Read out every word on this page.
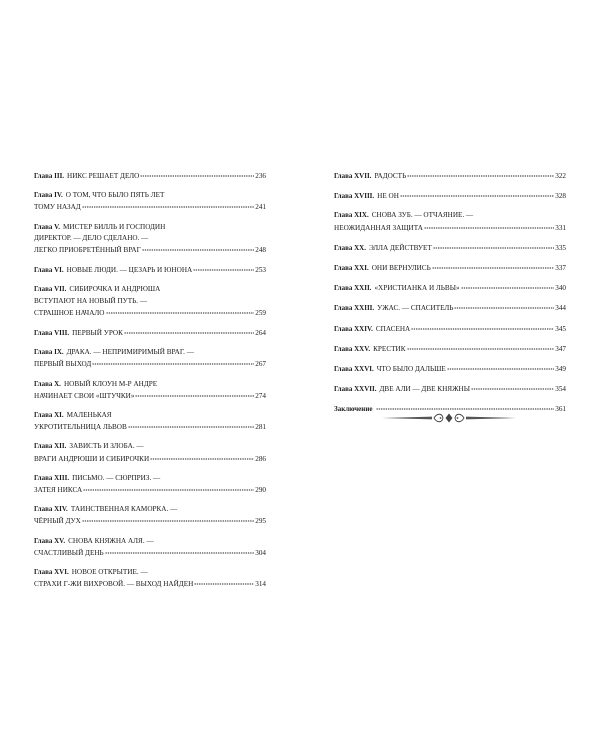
Глава III. НИКС РЕШАЕТ ДЕЛО	236
Глава IV. О ТОМ, ЧТО БЫЛО ПЯТЬ ЛЕТ
ТОМУ НАЗАД	241
Глава V. МИСТЕР БИЛЛЬ И ГОСПОДИН
ДИРЕКТОР. — ДЕЛО СДЕЛАНО. —
ЛЕГКО ПРИОБРЕТЁННЫЙ ВРАГ	248
Глава VI. НОВЫЕ ЛЮДИ. — ЦЕЗАРЬ И ЮНОНА	253
Глава VII. СИБИРОЧКА И АНДРЮША
ВСТУПАЮТ НА НОВЫЙ ПУТЬ. —
СТРАШНОЕ НАЧАЛО	259
Глава VIII. ПЕРВЫЙ УРОК	264
Глава IX. ДРАКА. — НЕПРИМИРИМЫЙ ВРАГ. —
ПЕРВЫЙ ВЫХОД	267
Глава X. НОВЫЙ КЛОУН М-Р АНДРЕ
НАЧИНАЕТ СВОИ «ШТУЧКИ»	274
Глава XI. МАЛЕНЬКАЯ
УКРОТИТЕЛЬНИЦА ЛЬВОВ	281
Глава XII. ЗАВИСТЬ И ЗЛОБА. —
ВРАГИ АНДРЮШИ И СИБИРОЧКИ	286
Глава XIII. ПИСЬМО. — СЮРПРИЗ. —
ЗАТЕЯ НИКСА	290
Глава XIV. ТАИНСТВЕННАЯ КАМОРКА. —
ЧЁРНЫЙ ДУХ	295
Глава XV. СНОВА КНЯЖНА АЛЯ. —
СЧАСТЛИВЫЙ ДЕНЬ	304
Глава XVI. НОВОЕ ОТКРЫТИЕ. —
СТРАХИ Г-ЖИ ВИХРОВОЙ. — ВЫХОД НАЙДЕН	314
Глава XVII. РАДОСТЬ	322
Глава XVIII. НЕ ОН	328
Глава XIX. СНОВА ЗУБ. — ОТЧАЯНИЕ. —
НЕОЖИДАННАЯ ЗАЩИТА	331
Глава XX. ЭЛЛА ДЕЙСТВУЕТ	335
Глава XXI. ОНИ ВЕРНУЛИСЬ	337
Глава XXII. «ХРИСТИАНКА И ЛЬВЫ»	340
Глава XXIII. УЖАС. — СПАСИТЕЛЬ	344
Глава XXIV. СПАСЕНА	345
Глава XXV. КРЕСТИК	347
Глава XXVI. ЧТО БЫЛО ДАЛЬШЕ	349
Глава XXVII. ДВЕ АЛИ — ДВЕ КНЯЖНЫ	354
Заключение	361
